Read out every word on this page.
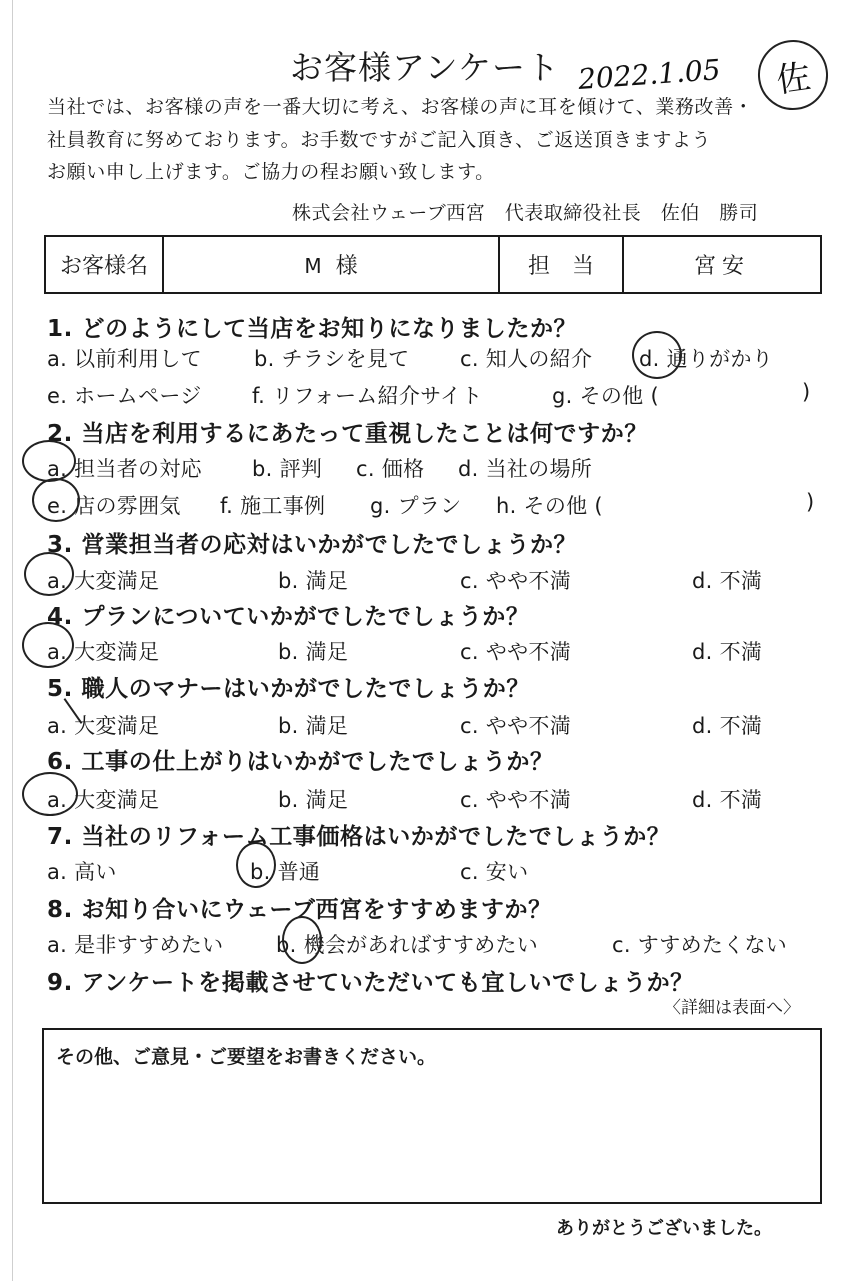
お客様アンケート 2022.1.05	佐
当社では、お客様の声を一番大切に考え、お客様の声に耳を傾けて、業務改善・
社員教育に努めております。お手数ですがご記入頂き、ご返送頂きますよう
お願い申し上げます。ご協力の程お願い致します。
株式会社ウェーブ西宮　代表取締役社長　佐伯　勝司
お客様名	M 様	担　当	宮安
1. どのようにして当店をお知りになりましたか？
a. 以前利用して b. チラシを見て c. 知人の紹介 d. 通りがかり
e. ホームページ f. リフォーム紹介サイト	g. その他 (	)
2. 当店を利用するにあたって重視したことは何ですか？
a. 担当者の対応 b. 評判 c. 価格 d. 当社の場所
e. 店の雰囲気 f. 施工事例 g. プラン h. その他 (	)
3. 営業担当者の応対はいかがでしたでしょうか？
a. 大変満足	b. 満足	c. やや不満	d. 不満
4. プランについていかがでしたでしょうか？
a. 大変満足	b. 満足	c. やや不満	d. 不満
5. 職人のマナーはいかがでしたでしょうか？
a. 大変満足	b. 満足	c. やや不満	d. 不満
6. 工事の仕上がりはいかがでしたでしょうか？
a. 大変満足	b. 満足	c. やや不満	d. 不満
7. 当社のリフォーム工事価格はいかがでしたでしょうか？
a. 高い	b. 普通	c. 安い
8. お知り合いにウェーブ西宮をすすめますか？
a. 是非すすめたい	b. 機会があればすすめたい	c. すすめたくない
9. アンケートを掲載させていただいても宜しいでしょうか？
〈詳細は表面へ〉
その他、ご意見・ご要望をお書きください。
ありがとうございました。
